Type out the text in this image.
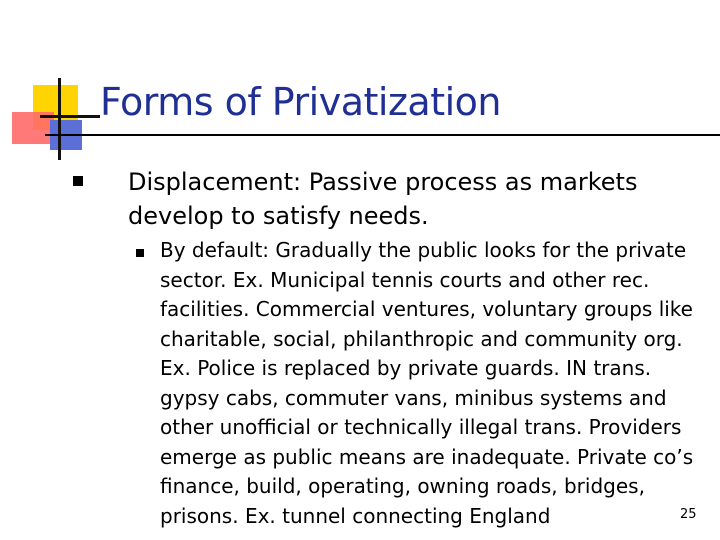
Forms of Privatization
Displacement: Passive process as markets develop to satisfy needs.
By default: Gradually the public looks for the private sector. Ex. Municipal tennis courts and other rec. facilities. Commercial ventures, voluntary groups like charitable, social, philanthropic and community org. Ex. Police is replaced by private guards. IN trans. gypsy cabs, commuter vans, minibus systems and other unofficial or technically illegal trans. Providers emerge as public means are inadequate. Private co’s finance, build, operating, owning roads, bridges, prisons. Ex. tunnel connecting England	25
